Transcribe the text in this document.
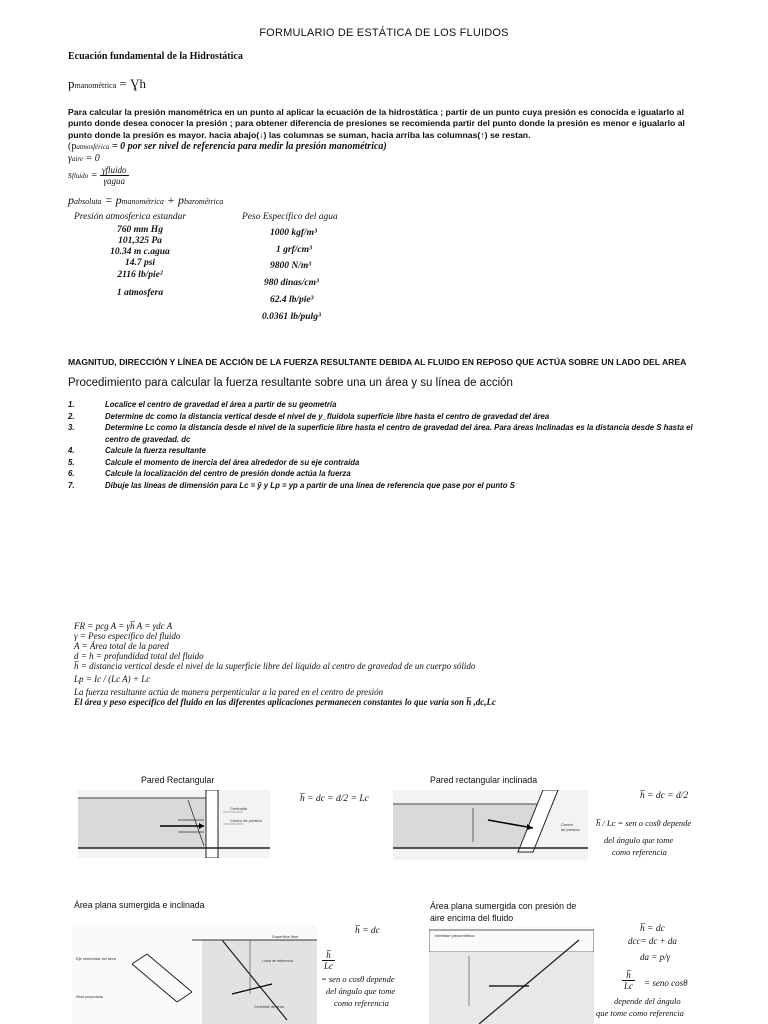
FORMULARIO DE ESTÁTICA DE LOS FLUIDOS
Ecuación fundamental de la Hidrostática
pmanométrica = Ɣh
Para calcular la presión manométrica en un punto al aplicar la ecuación de la hidrostática ; partir de un punto cuya presión es conocida e igualarlo al punto donde desea conocer la presión ; para obtener diferencia de presiones se recomienda partir del punto donde la presión es menor e igualarlo al punto donde la presión es mayor. hacia abajo(↓) las columnas se suman, hacia arriba las columnas(↑) se restan.
(patmosférica = 0 por ser nivel de referencia para medir la presión manométrica)
γaire = 0
sfluido = $\frac{\text{γfluido}}{\text{γagua}}$
pabsoluta = pmanométrica + pbarométrica
Presión atmosferica estandar
760 mm Hg
101,325 Pa
10.34 m c.agua
14.7 psi
2116 lb/pie²
1 atmosfera
Peso Específico del agua
1000 kgf/m³
1 grf/cm³
9800 N/m³
980 dinas/cm³
62.4 lb/pie³
0.0361 lb/pulg³
MAGNITUD, DIRECCIÓN Y LÍNEA DE ACCIÓN DE LA FUERZA RESULTANTE DEBIDA AL FLUIDO EN REPOSO QUE ACTÚA SOBRE UN LADO DEL AREA
Procedimiento para calcular la fuerza resultante sobre una un área y su línea de acción
1.	Localice el centro de gravedad el área a partir de su geometría
2.	Determine dc como la distancia vertical desde el nivel de y_fluidola superficie libre hasta el centro de gravedad del área
3.	Determine Lc como la distancia desde el nivel de la superficie libre hasta el centro de gravedad del área. Para áreas Inclinadas es la distancia desde S hasta el centro de gravedad. dc
4.	Calcule la fuerza resultante
5.	Calcule el momento de inercia del área alrededor de su eje contraída
6.	Calcule la localización del centro de presión donde actúa la fuerza
7.	Dibuje las líneas de dimensión para Lc = ȳ y Lp = yp a partir de una línea de referencia que pase por el punto S
FR = pcg A = γh̅ A = γdc A
γ = Peso específico del fluido
A = Área total de la pared
d = h = profundidad total del fluido
h̅ = distancia vertical desde el nivel de la superficie libre del líquido al centro de gravedad de un cuerpo sólido
Lp = Ic / (Lc A) + Lc
La fuerza resultante actúa de manera perpenticular a la pared en el centro de presión
El área y peso específico del fluido en las diferentes aplicaciones permanecen constantes lo que varía son h̅ ,dc,Lc
Pared Rectangular
Centroide
Centro de presión
h̅ = dc = d/2 = Lc
Pared rectangular inclinada
Centro
de presión
h̅ = dc = d/2
h̅ / Lc = sen o cosθ depende
del ángulo que tome
como referencia
Área plana sumergida e inclinada
Eje centroidal del área
Vista proyectada
Superficie libre
Línea de referencia
Centroide del área
h̅ = dc
$\frac{h̅}{Lc}$
= sen o cosθ depende
del ángulo que tome
como referencia
Área plana sumergida con presión de aire encima del fluido
Interfase piezométrica
h̅ = dc
dcc= dc + da
da = p/γ
$\frac{h̅}{Lc}$ = seno cosθ
depende del ángulo
que tome como referencia
